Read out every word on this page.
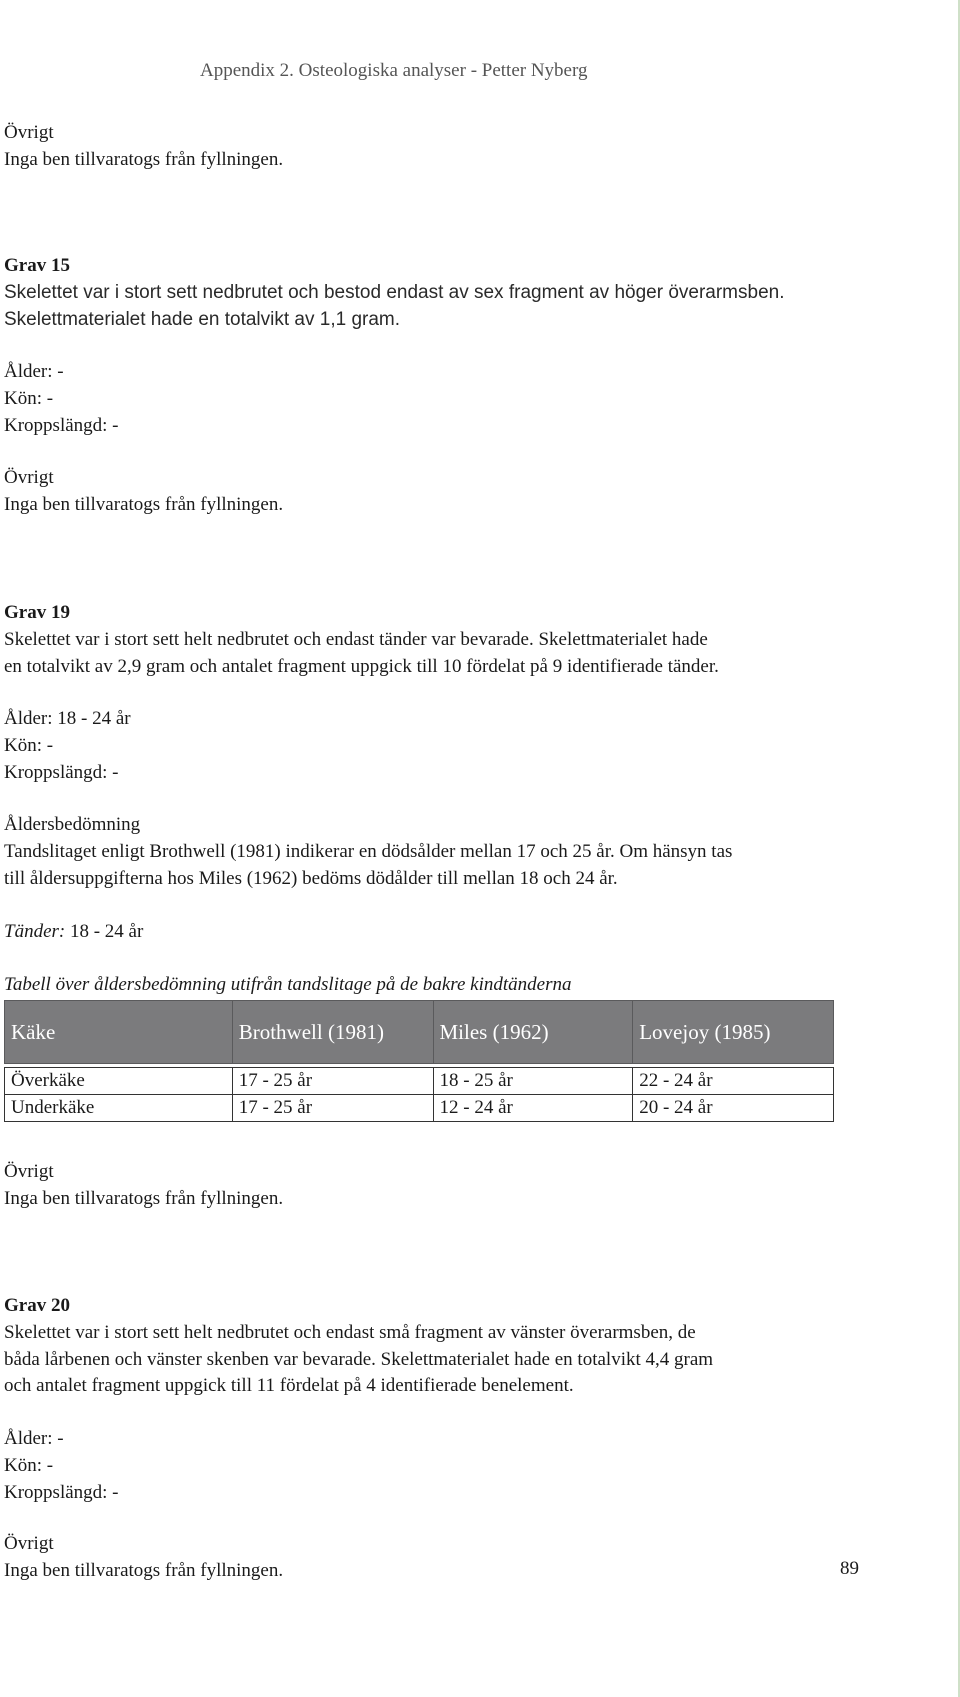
Appendix 2. Osteologiska analyser - Petter Nyberg
Övrigt
Inga ben tillvaratogs från fyllningen.
Grav 15
Skelettet var i stort sett nedbrutet och bestod endast av sex fragment av höger överarmsben.
Skelettmaterialet hade en totalvikt av 1,1 gram.
Ålder: -
Kön: -
Kroppslängd: -
Övrigt
Inga ben tillvaratogs från fyllningen.
Grav 19
Skelettet var i stort sett helt nedbrutet och endast tänder var bevarade. Skelettmaterialet hade
en totalvikt av 2,9 gram och antalet fragment uppgick till 10 fördelat på 9 identifierade tänder.
Ålder: 18 - 24 år
Kön: -
Kroppslängd: -
Åldersbedömning
Tandslitaget enligt Brothwell (1981) indikerar en dödsålder mellan 17 och 25 år. Om hänsyn tas
till åldersuppgifterna hos Miles (1962) bedöms dödålder till mellan 18 och 24 år.
Tänder: 18 - 24 år
Tabell över åldersbedömning utifrån tandslitage på de bakre kindtänderna
Käke	Brothwell (1981)	Miles (1962)	Lovejoy (1985)

Överkäke	17 - 25 år	18 - 25 år	22 - 24 år
Underkäke	17 - 25 år	12 - 24 år	20 - 24 år
Övrigt
Inga ben tillvaratogs från fyllningen.
Grav 20
Skelettet var i stort sett helt nedbrutet och endast små fragment av vänster överarmsben, de
båda lårbenen och vänster skenben var bevarade. Skelettmaterialet hade en totalvikt 4,4 gram
och antalet fragment uppgick till 11 fördelat på 4 identifierade benelement.
Ålder: -
Kön: -
Kroppslängd: -
Övrigt
Inga ben tillvaratogs från fyllningen.	89
